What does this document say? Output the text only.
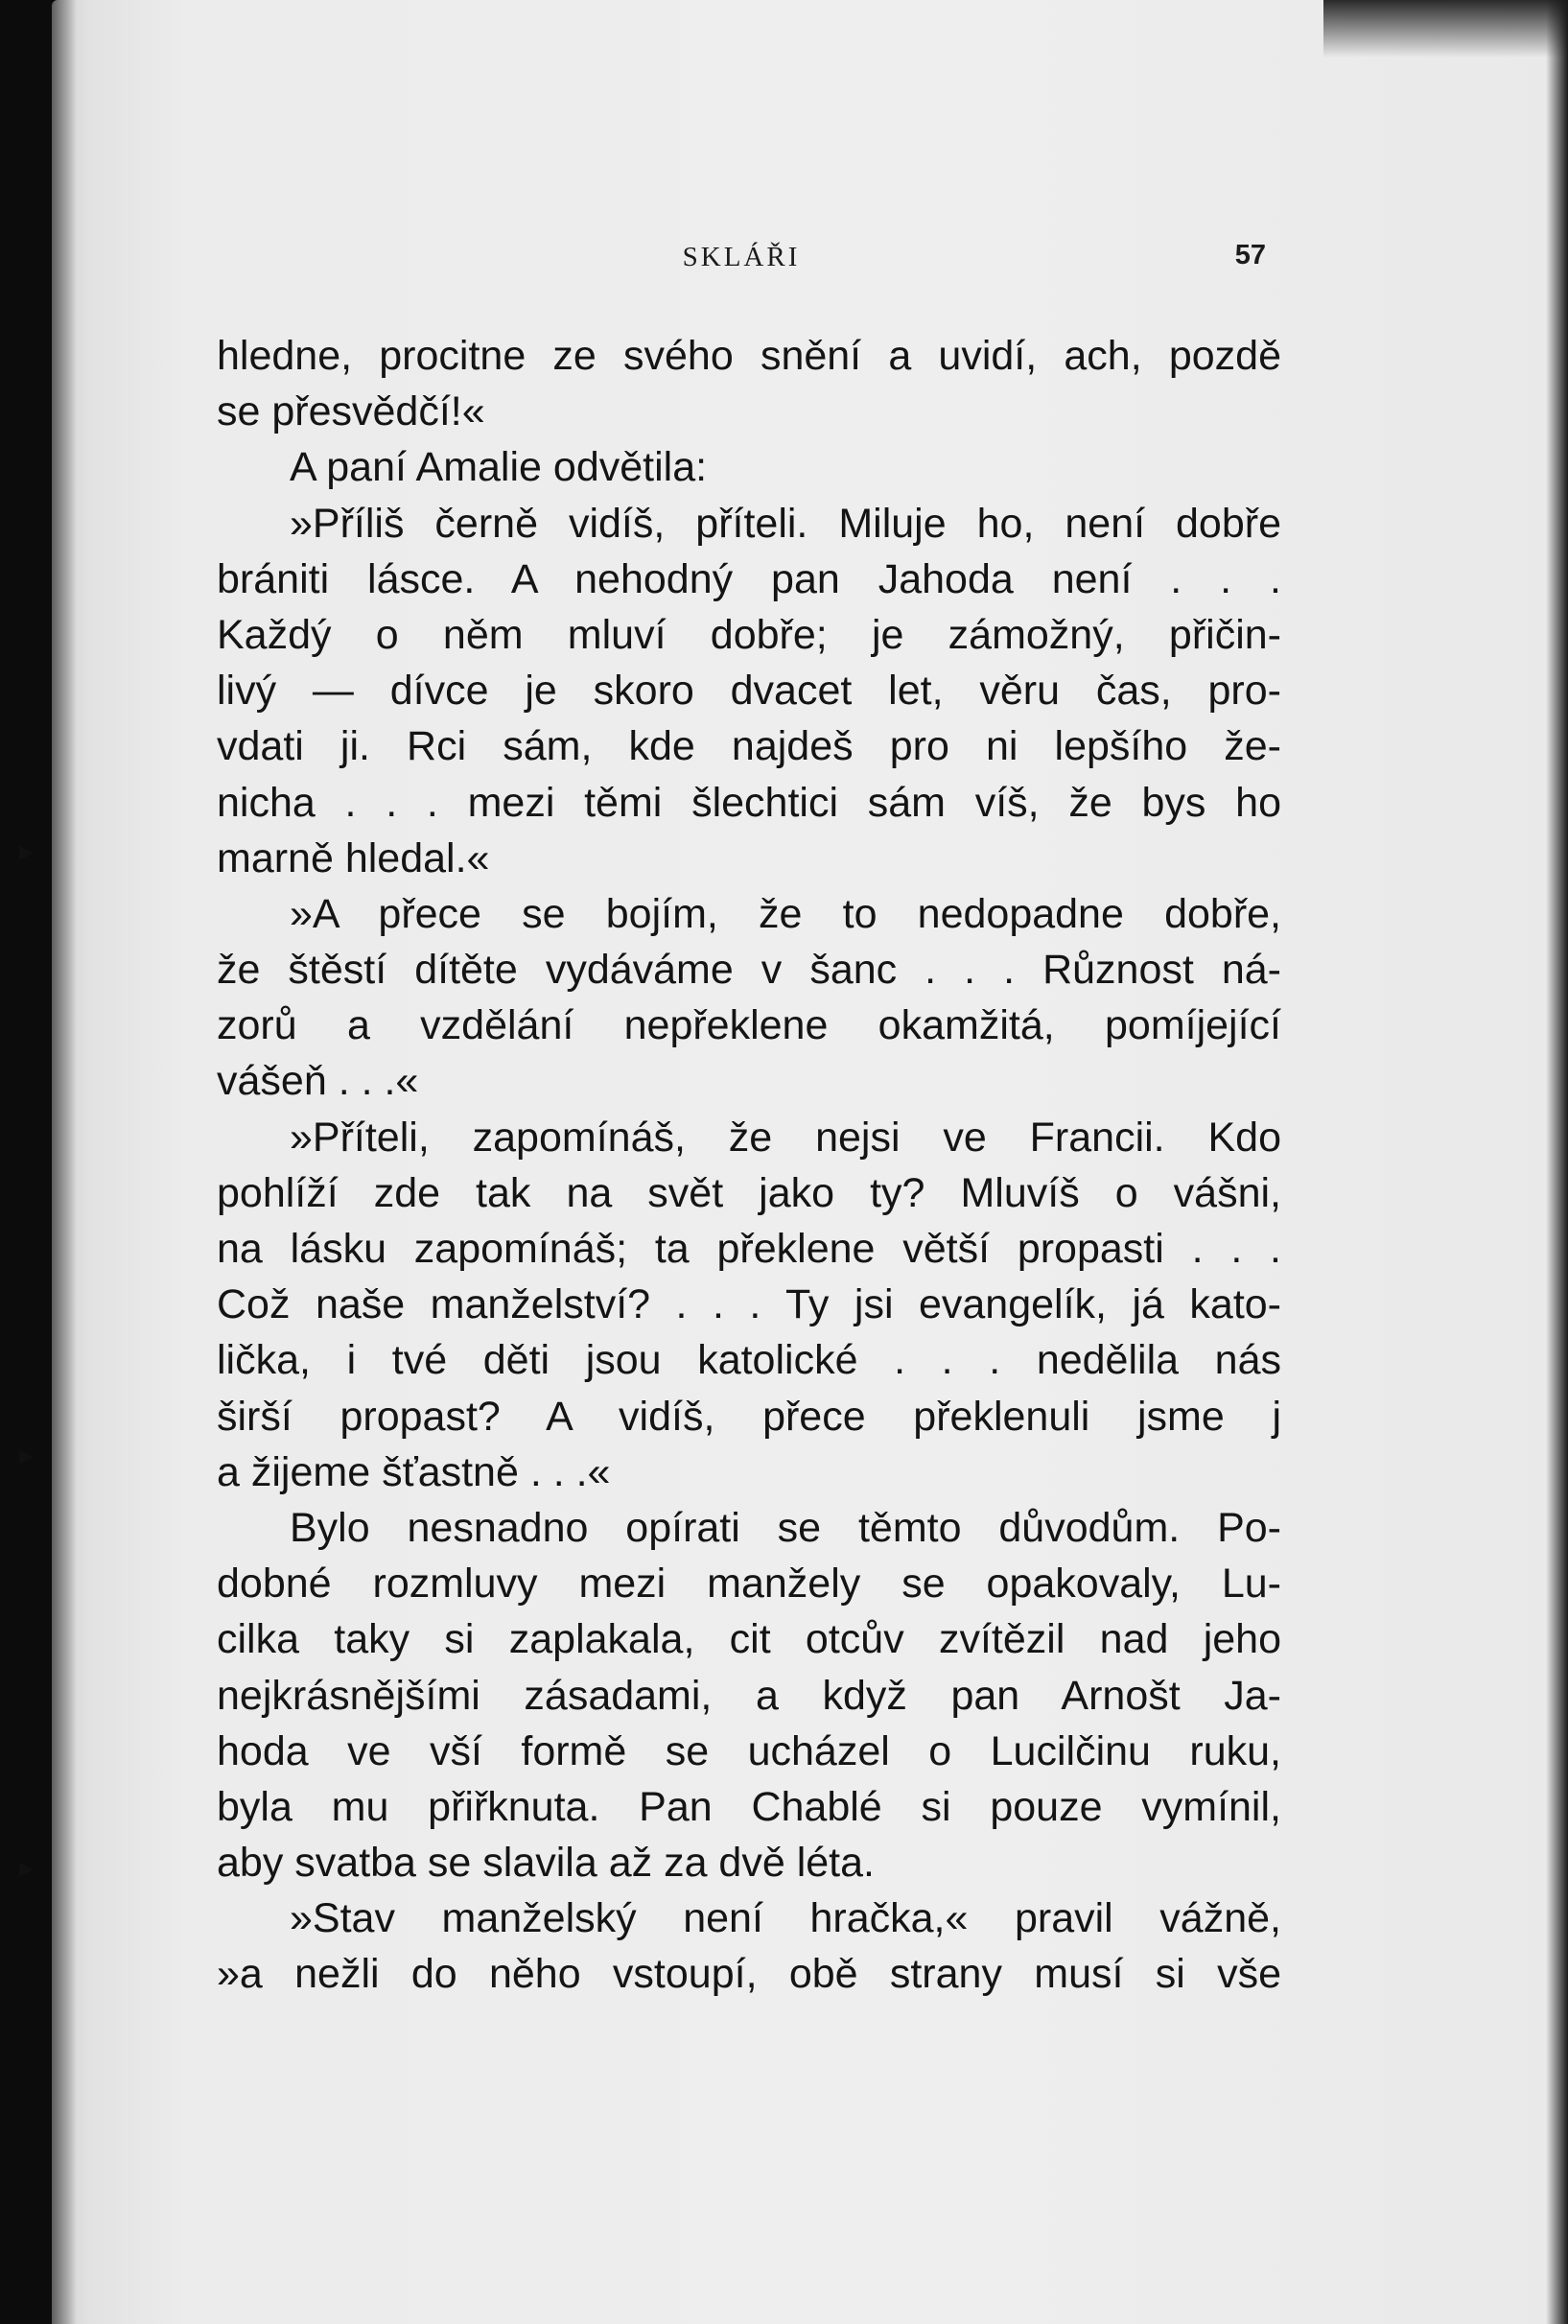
▸
▸
▸
SKLÁŘI	57
hledne, procitne ze svého snění a uvidí, ach, pozdě
se přesvědčí!«
A paní Amalie odvětila:
»Příliš černě vidíš, příteli. Miluje ho, není dobře
brániti lásce. A nehodný pan Jahoda není . . .
Každý o něm mluví dobře; je zámožný, přičin-
livý — dívce je skoro dvacet let, věru čas, pro-
vdati ji. Rci sám, kde najdeš pro ni lepšího že-
nicha . . . mezi těmi šlechtici sám víš, že bys ho
marně hledal.«
»A přece se bojím, že to nedopadne dobře,
že štěstí dítěte vydáváme v šanc . . . Různost ná-
zorů a vzdělání nepřeklene okamžitá, pomíjející
vášeň . . .«
»Příteli, zapomínáš, že nejsi ve Francii. Kdo
pohlíží zde tak na svět jako ty? Mluvíš o vášni,
na lásku zapomínáš; ta překlene větší propasti . . .
Což naše manželství? . . . Ty jsi evangelík, já kato-
lička, i tvé děti jsou katolické . . . nedělila nás
širší propast? A vidíš, přece překlenuli jsme j
a žijeme šťastně . . .«
Bylo nesnadno opírati se těmto důvodům. Po-
dobné rozmluvy mezi manžely se opakovaly, Lu-
cilka taky si zaplakala, cit otcův zvítězil nad jeho
nejkrásnějšími zásadami, a když pan Arnošt Ja-
hoda ve vší formě se ucházel o Lucilčinu ruku,
byla mu přiřknuta. Pan Chablé si pouze vymínil,
aby svatba se slavila až za dvě léta.
»Stav manželský není hračka,« pravil vážně,
»a nežli do něho vstoupí, obě strany musí si vše
